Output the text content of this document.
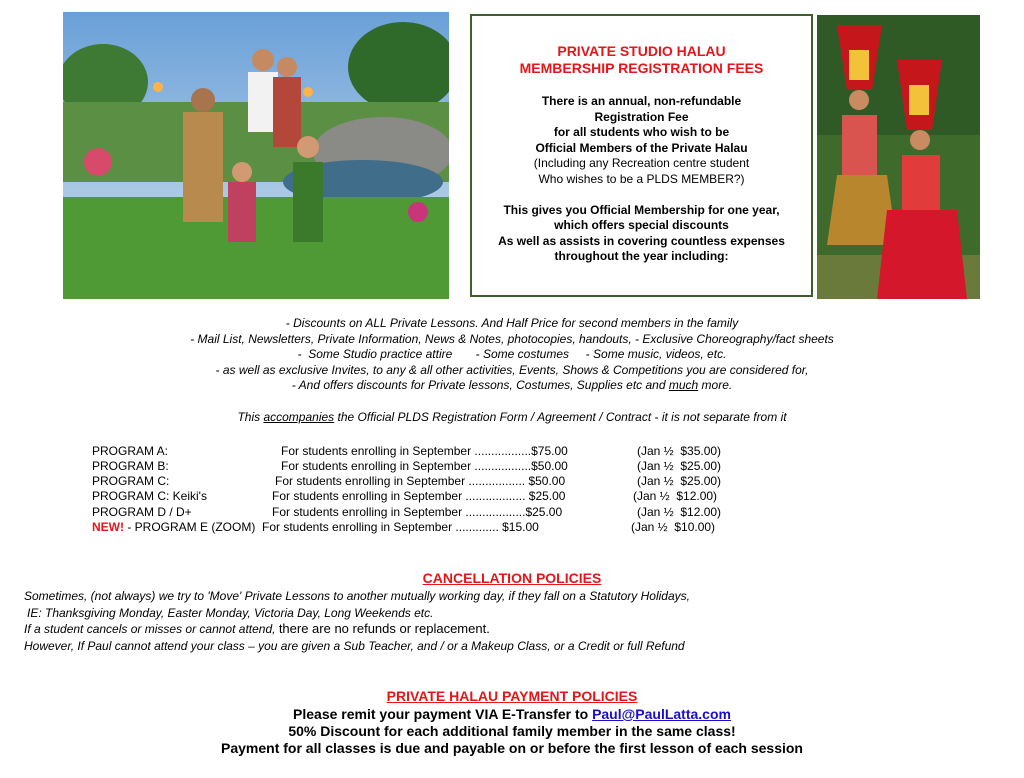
PRIVATE STUDIO HALAU
MEMBERSHIP REGISTRATION FEES
There is an annual, non-refundable
Registration Fee
for all students who wish to be
Official Members of the Private Halau
(Including any Recreation centre student
Who wishes to be a PLDS MEMBER?)
This gives you Official Membership for one year,
which offers special discounts
As well as assists in covering countless expenses
throughout the year including:
- Discounts on ALL Private Lessons. And Half Price for second members in the family
- Mail List, Newsletters, Private Information, News & Notes, photocopies, handouts, - Exclusive Choreography/fact sheets
-  Some Studio practice attire       - Some costumes     - Some music, videos, etc.
- as well as exclusive Invites, to any & all other activities, Events, Shows & Competitions you are considered for,
- And offers discounts for Private lessons, Costumes, Supplies etc and much more.
This accompanies the Official PLDS Registration Form / Agreement / Contract - it is not separate from it
PROGRAM A:	For students enrolling in September .................$75.00	(Jan ½  $35.00)
PROGRAM B:	For students enrolling in September .................$50.00	(Jan ½  $25.00)
PROGRAM C:	For students enrolling in September ................. $50.00	(Jan ½  $25.00)
PROGRAM C: Keiki's	For students enrolling in September .................. $25.00	(Jan ½  $12.00)
PROGRAM D / D+	For students enrolling in September ..................$25.00	(Jan ½  $12.00)
NEW! - PROGRAM E (ZOOM)  For students enrolling in September ............. $15.00	(Jan ½  $10.00)
CANCELLATION POLICIES
Sometimes, (not always) we try to 'Move' Private Lessons to another mutually working day, if they fall on a Statutory Holidays,
IE: Thanksgiving Monday, Easter Monday, Victoria Day, Long Weekends etc.
If a student cancels or misses or cannot attend, there are no refunds or replacement.
However, If Paul cannot attend your class – you are given a Sub Teacher, and / or a Makeup Class, or a Credit or full Refund
PRIVATE HALAU PAYMENT POLICIES
Please remit your payment VIA E-Transfer to Paul@PaulLatta.com
50% Discount for each additional family member in the same class!
Payment for all classes is due and payable on or before the first lesson of each session
